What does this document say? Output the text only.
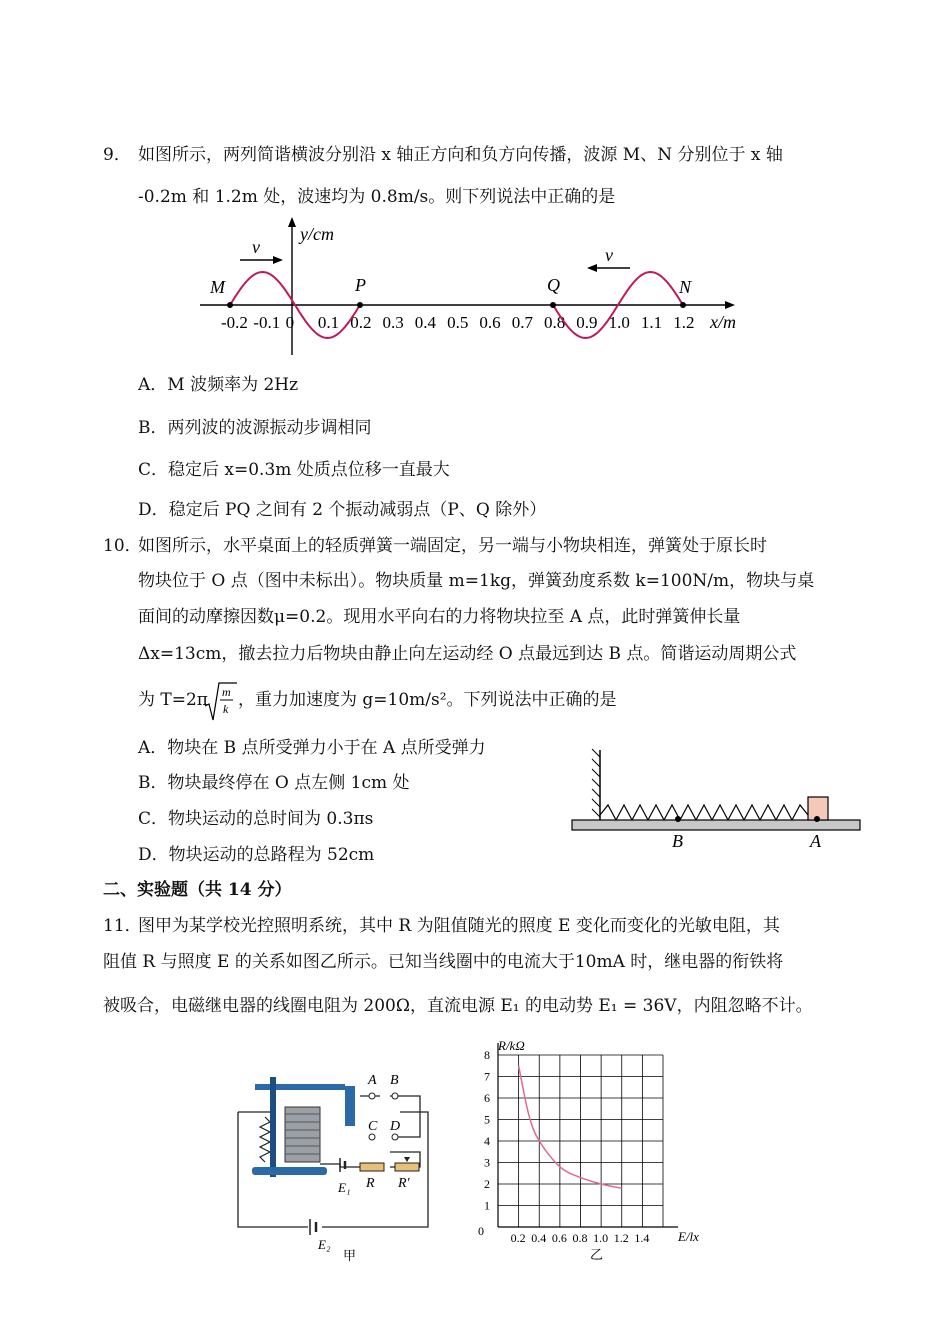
9． 如图所示，两列简谐横波分别沿 x 轴正方向和负方向传播，波源 M、N 分别位于 x 轴
-0.2m 和 1.2m 处，波速均为 0.8m/s。则下列说法中正确的是
y/cm
x/m
-0.2 -0.1 0 0.1 0.2 0.3 0.4 0.5 0.6 0.7 0.8 0.9 1.0 1.1 1.2
M	P	Q	N
v	v
A．M 波频率为 2Hz
B．两列波的波源振动步调相同
C．稳定后 x=0.3m 处质点位移一直最大
D．稳定后 PQ 之间有 2 个振动减弱点（P、Q 除外）
10．
如图所示，水平桌面上的轻质弹簧一端固定，另一端与小物块相连，弹簧处于原长时
物块位于 O 点（图中未标出）。物块质量 m=1kg，弹簧劲度系数 k=100N/m，物块与桌
面间的动摩擦因数μ=0.2。现用水平向右的力将物块拉至 A 点，此时弹簧伸长量
Δx=13cm，撤去拉力后物块由静止向左运动经 O 点最远到达 B 点。简谐运动周期公式
为 T=2π m
k ，重力加速度为 g=10m/s²。下列说法中正确的是
A．物块在 B 点所受弹力小于在 A 点所受弹力
B．物块最终停在 O 点左侧 1cm 处
C．物块运动的总时间为 0.3πs
D．物块运动的总路程为 52cm
B	A
二、实验题（共 14 分）
11．
图甲为某学校光控照明系统，其中 R 为阻值随光的照度 E 变化而变化的光敏电阻，其
阻值 R 与照度 E 的关系如图乙所示。已知当线圈中的电流大于10mA 时，继电器的衔铁将
被吸合，电磁继电器的线圈电阻为 200Ω，直流电源 E₁ 的电动势 E₁ = 36V，内阻忽略不计。
A B
C D
E₁ R R′
E₂
甲
0.2 0.4 0.6 0.8 1.0 1.2 1.4
1
2
3
4
5
6
7
8
R/kΩ
E/lx
0
乙
